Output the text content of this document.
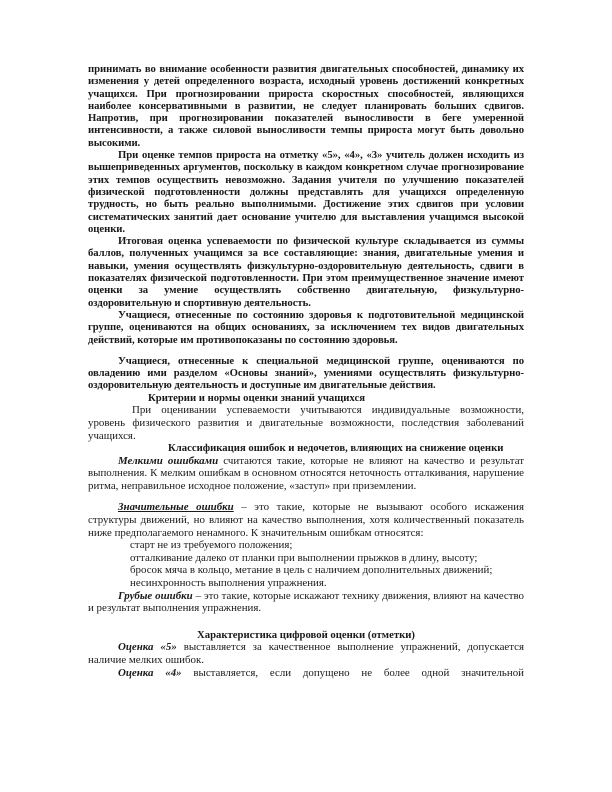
принимать во внимание особенности развития двигательных способностей, динамику их изменения у детей определенного возраста, исходный уровень достижений конкретных учащихся. При прогнозировании прироста скоростных способностей, являющихся наиболее консервативными в развитии, не следует планировать больших сдвигов. Напротив, при прогнозировании показателей выносливости в беге умеренной интенсивности, а также силовой выносливости темпы прироста могут быть довольно высокими.

При оценке темпов прироста на отметку «5», «4», «3» учитель должен исходить из вышеприведенных аргументов, поскольку в каждом конкретном случае прогнозирование этих темпов осуществить невозможно. Задания учителя по улучшению показателей физической подготовленности должны представлять для учащихся определенную трудность, но быть реально выполнимыми. Достижение этих сдвигов при условии систематических занятий дает основание учителю для выставления учащимся высокой оценки.

Итоговая оценка успеваемости по физической культуре складывается из суммы баллов, полученных учащимся за все составляющие: знания, двигательные умения и навыки, умения осуществлять физкультурно-оздоровительную деятельность, сдвиги в показателях физической подготовленности. При этом преимущественное значение имеют оценки за умение осуществлять собственно двигательную, физкультурно-оздоровительную и спортивную деятельность.

Учащиеся, отнесенные по состоянию здоровья к подготовительной медицинской группе, оцениваются на общих основаниях, за исключением тех видов двигательных действий, которые им противопоказаны по состоянию здоровья.

Учащиеся, отнесенные к специальной медицинской группе, оцениваются по овладению ими разделом «Основы знаний», умениями осуществлять физкультурно-оздоровительную деятельность и доступные им двигательные действия.

Критерии и нормы оценки знаний учащихся

При оценивании успеваемости учитываются индивидуальные возможности, уровень физического развития и двигательные возможности, последствия заболеваний учащихся.

Классификация ошибок и недочетов, влияющих на снижение оценки

Мелкими ошибками считаются такие, которые не влияют на качество и результат выполнения. К мелким ошибкам в основном относятся неточность отталкивания, нарушение ритма, неправильное исходное положение, «заступ» при приземлении.

Значительные ошибки – это такие, которые не вызывают особого искажения структуры движений, но влияют на качество выполнения, хотя количественный показатель ниже предполагаемого ненамного. К значительным ошибкам относятся:

старт не из требуемого положения;
отталкивание далеко от планки при выполнении прыжков в длину, высоту;
бросок мяча в кольцо, метание в цель с наличием дополнительных движений;
несинхронность выполнения упражнения.

Грубые ошибки – это такие, которые искажают технику движения, влияют на качество и результат выполнения упражнения.

Характеристика цифровой оценки (отметки)

Оценка «5» выставляется за качественное выполнение упражнений, допускается наличие мелких ошибок.

Оценка «4» выставляется, если допущено не более одной значительной
